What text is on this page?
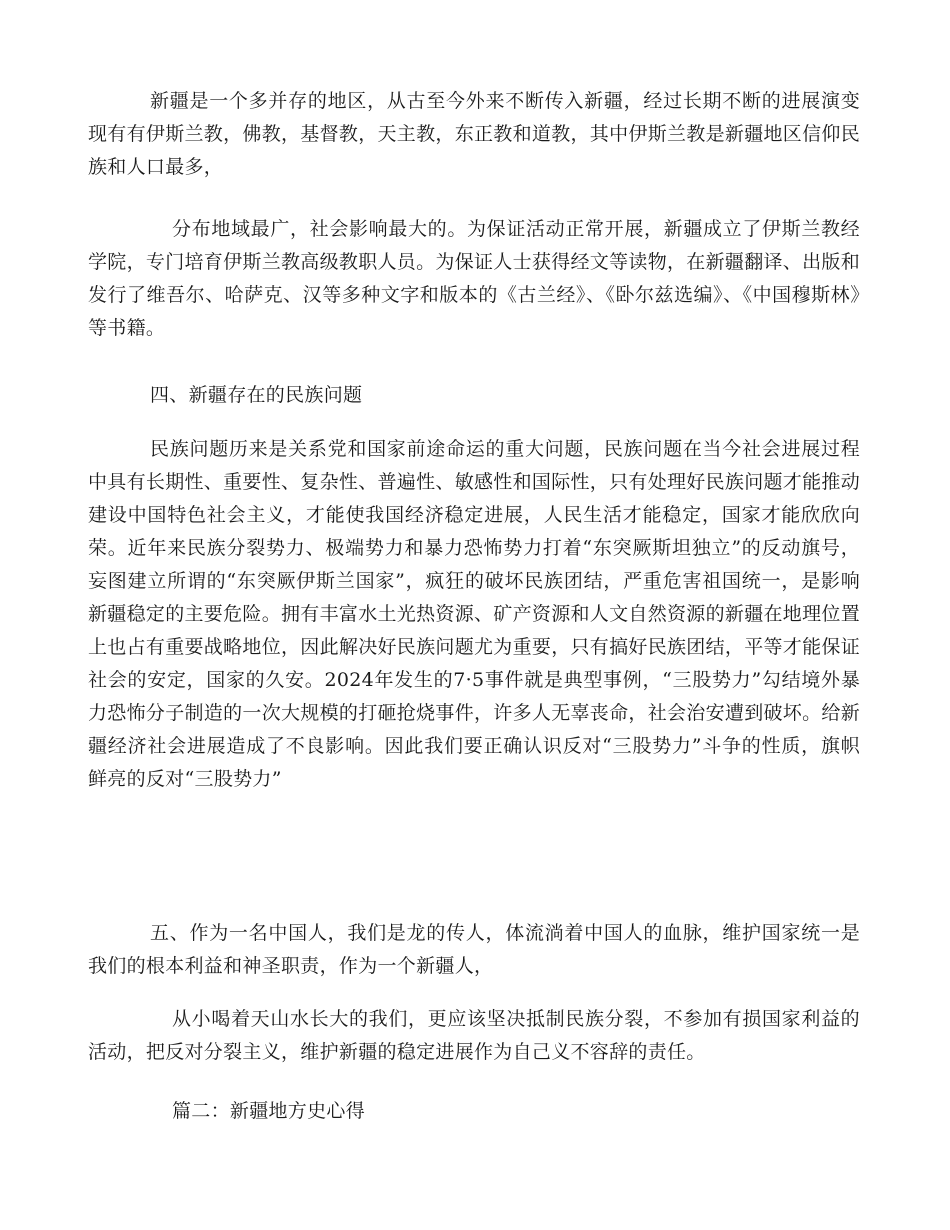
新疆是一个多并存的地区，从古至今外来不断传入新疆，经过长期不断的进展演变现有有伊斯兰教，佛教，基督教，天主教，东正教和道教，其中伊斯兰教是新疆地区信仰民族和人口最多，

分布地域最广，社会影响最大的。为保证活动正常开展，新疆成立了伊斯兰教经学院，专门培育伊斯兰教高级教职人员。为保证人士获得经文等读物，在新疆翻译、出版和发行了维吾尔、哈萨克、汉等多种文字和版本的《古兰经》、《卧尔兹选编》、《中国穆斯林》等书籍。

四、新疆存在的民族问题

民族问题历来是关系党和国家前途命运的重大问题，民族问题在当今社会进展过程中具有长期性、重要性、复杂性、普遍性、敏感性和国际性，只有处理好民族问题才能推动建设中国特色社会主义，才能使我国经济稳定进展，人民生活才能稳定，国家才能欣欣向荣。近年来民族分裂势力、极端势力和暴力恐怖势力打着“东突厥斯坦独立”的反动旗号，妄图建立所谓的“东突厥伊斯兰国家”，疯狂的破坏民族团结，严重危害祖国统一，是影响新疆稳定的主要危险。拥有丰富水土光热资源、矿产资源和人文自然资源的新疆在地理位置上也占有重要战略地位，因此解决好民族问题尤为重要，只有搞好民族团结，平等才能保证社会的安定，国家的久安。2024年发生的7·5事件就是典型事例，“三股势力”勾结境外暴力恐怖分子制造的一次大规模的打砸抢烧事件，许多人无辜丧命，社会治安遭到破坏。给新疆经济社会进展造成了不良影响。因此我们要正确认识反对“三股势力”斗争的性质，旗帜鲜亮的反对“三股势力”

五、作为一名中国人，我们是龙的传人，体流淌着中国人的血脉，维护国家统一是我们的根本利益和神圣职责，作为一个新疆人，

从小喝着天山水长大的我们，更应该坚决抵制民族分裂，不参加有损国家利益的活动，把反对分裂主义，维护新疆的稳定进展作为自己义不容辞的责任。

篇二：新疆地方史心得
